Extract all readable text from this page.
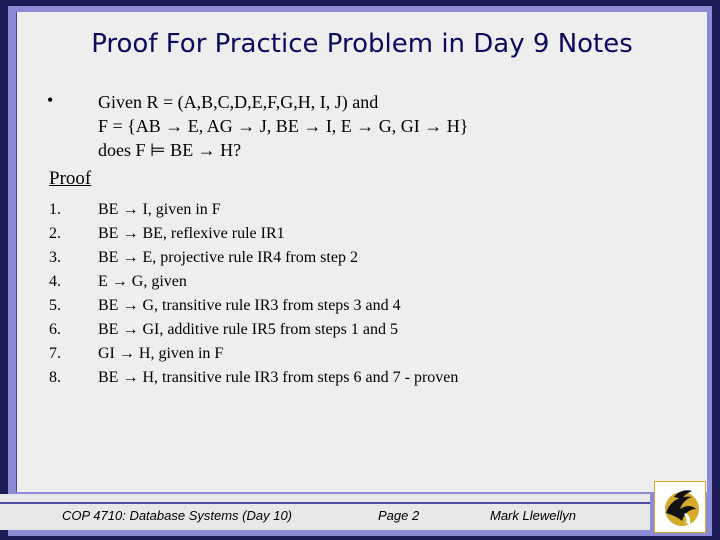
Proof For Practice Problem in Day 9 Notes
• Given R = (A,B,C,D,E,F,G,H, I, J) and
F = {AB → E, AG → J, BE → I, E → G, GI → H}
does F ⊨ BE → H?
Proof
1.	BE → I, given in F
2.	BE → BE, reflexive rule IR1
3.	BE → E, projective rule IR4 from step 2
4.	E → G, given
5.	BE → G, transitive rule IR3 from steps 3 and 4
6.	BE → GI, additive rule IR5 from steps 1 and 5
7.	GI → H, given in F
8.	BE → H, transitive rule IR3 from steps 6 and 7 - proven
COP 4710: Database Systems (Day 10)	Page 2	Mark Llewellyn
